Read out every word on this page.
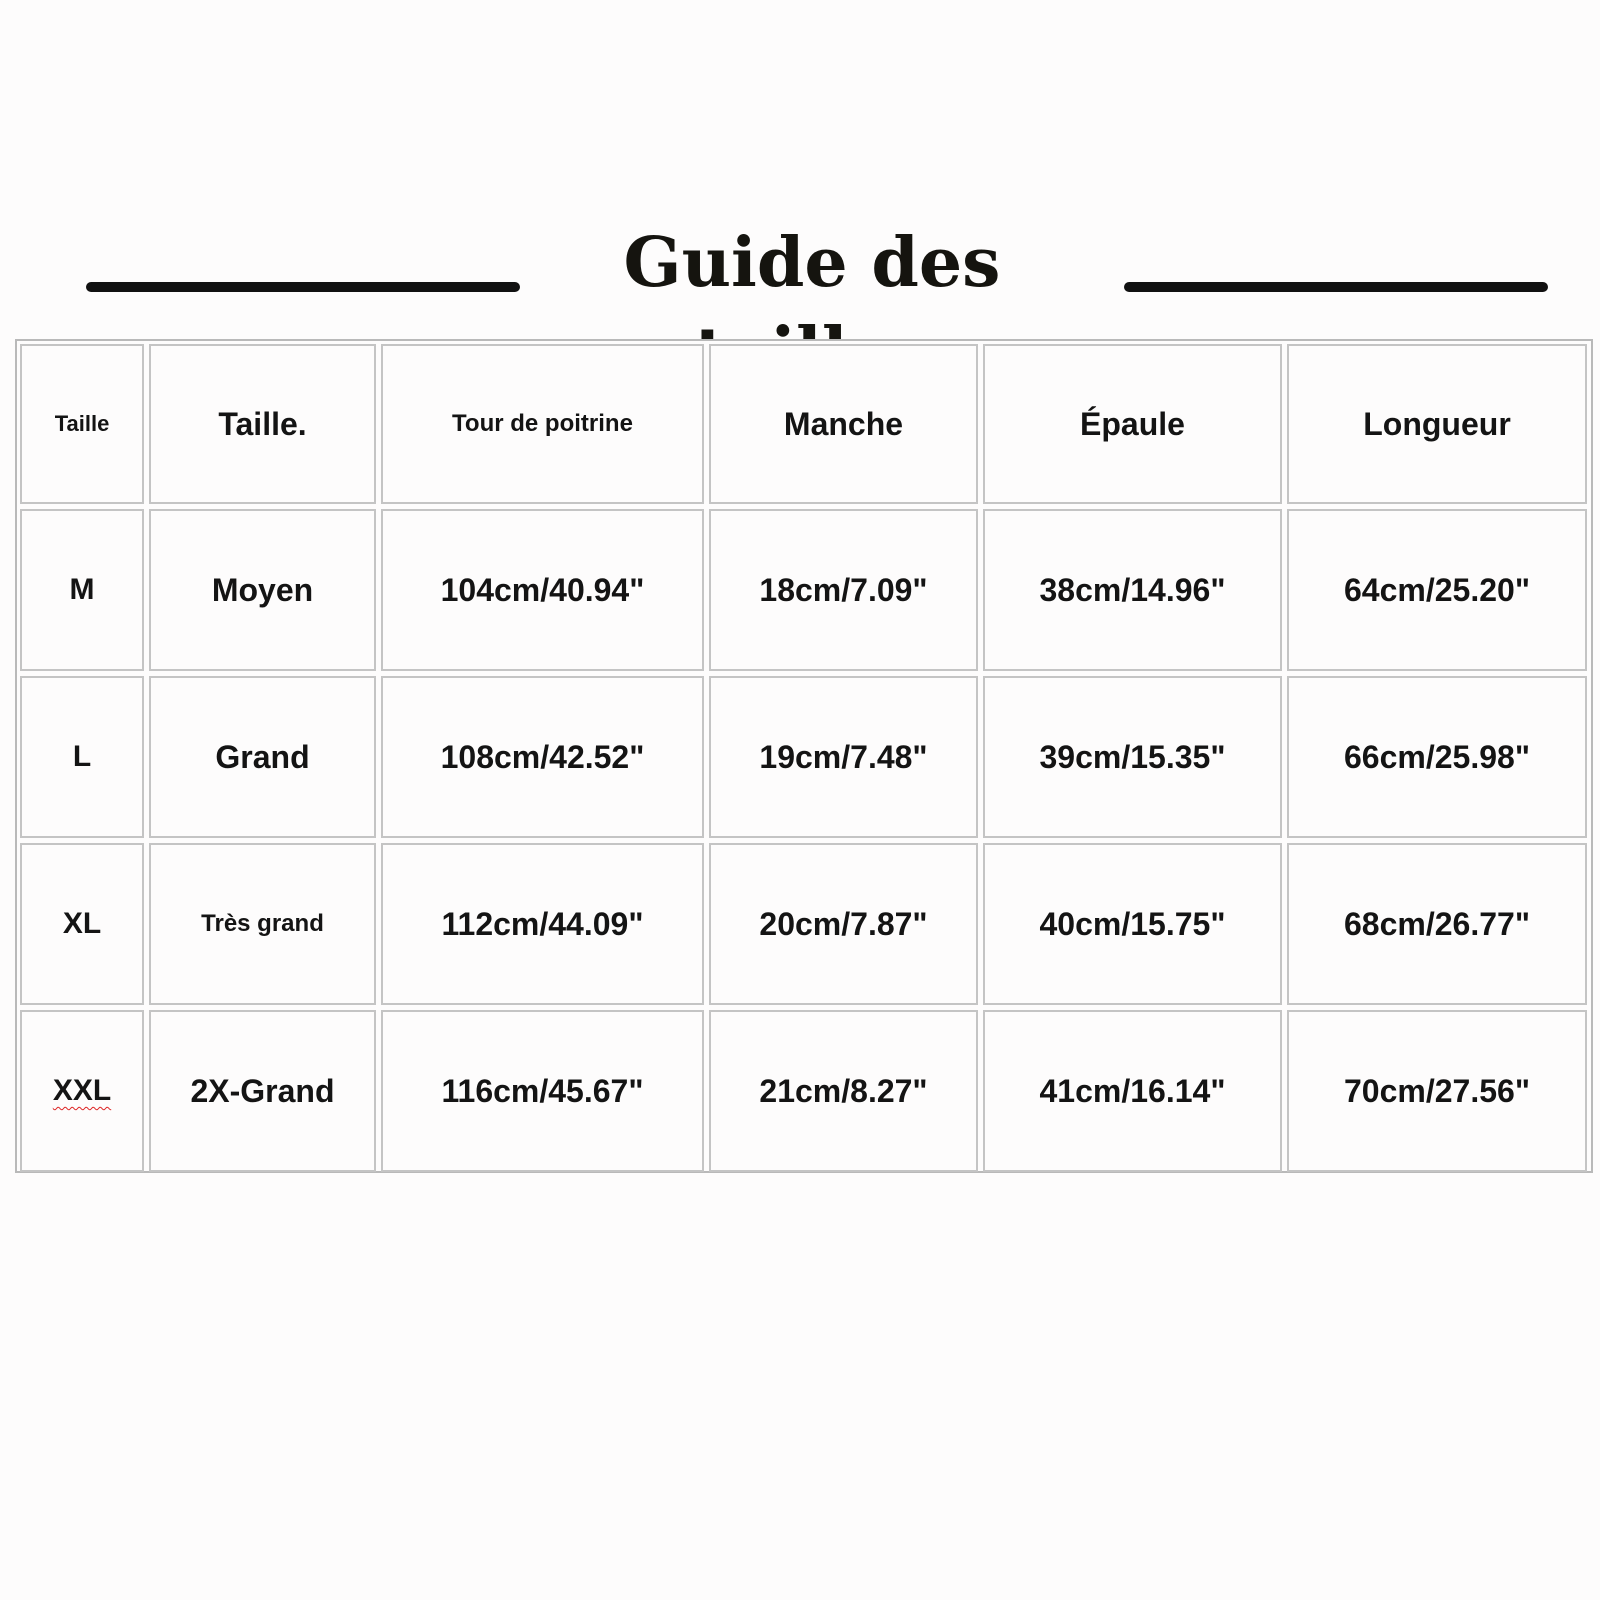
Guide des
Taille	Taille.	Tour de poitrine	Manche	Épaule	Longueur
M	Moyen	104cm/40.94"	18cm/7.09"	38cm/14.96"	64cm/25.20"
L	Grand	108cm/42.52"	19cm/7.48"	39cm/15.35"	66cm/25.98"
XL	Très grand	112cm/44.09"	20cm/7.87"	40cm/15.75"	68cm/26.77"
XXL	2X-Grand	116cm/45.67"	21cm/8.27"	41cm/16.14"	70cm/27.56"
